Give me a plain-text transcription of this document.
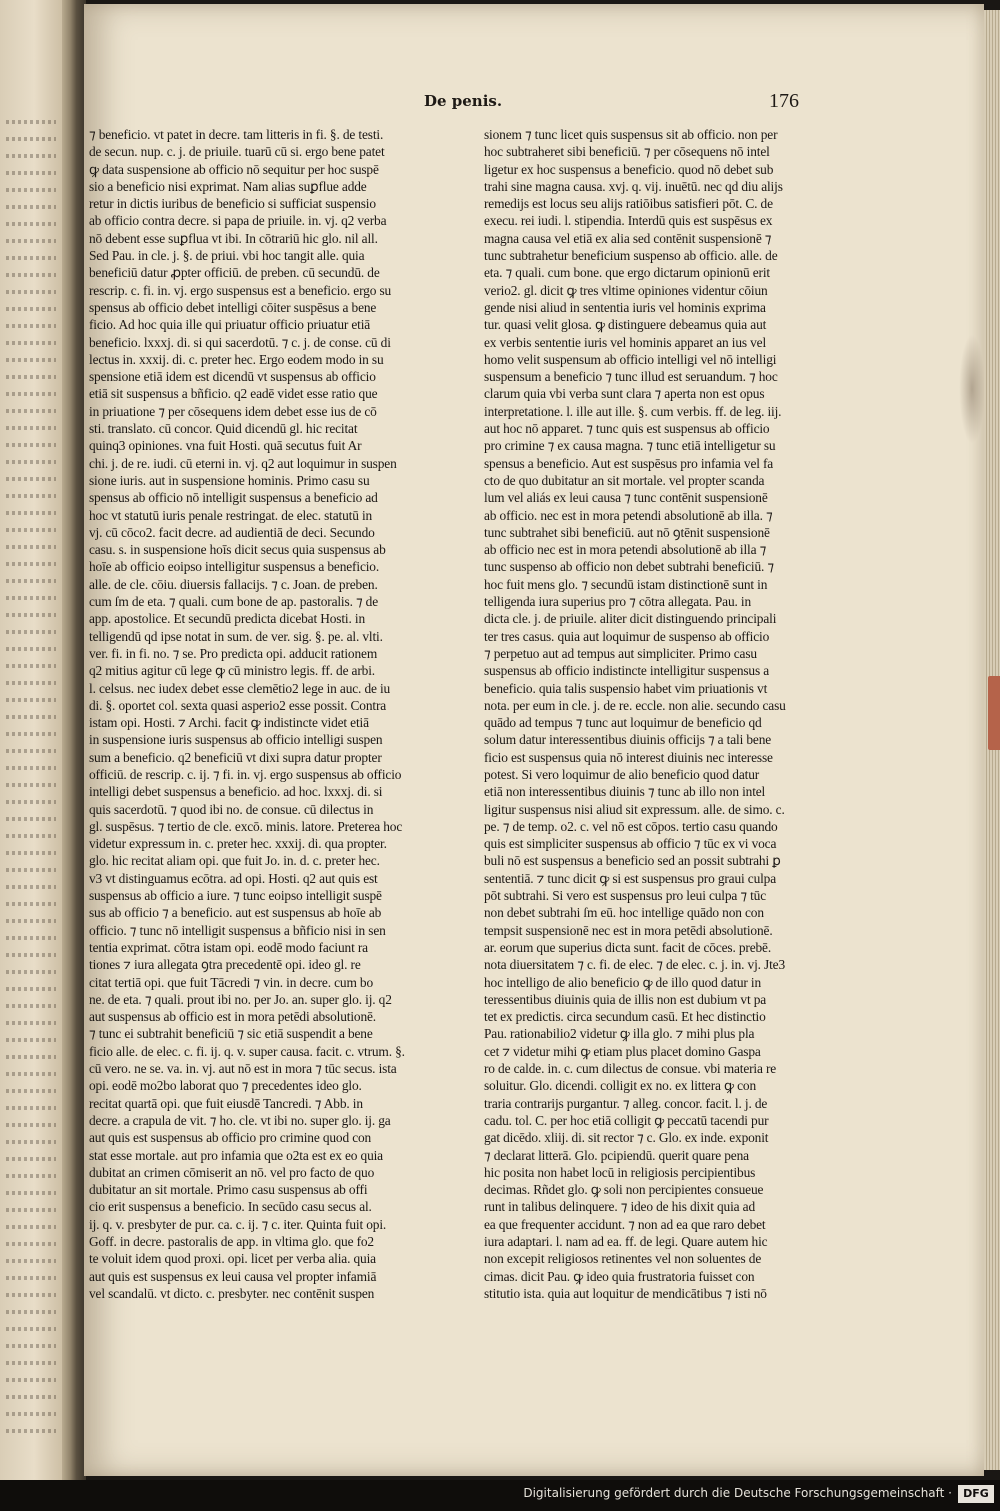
De penis.	176
⁊ beneficio. vt patet in decre. tam litteris in fi. §. de testi.
de secun. nup. c. j. de priuile. tuarū cū si. ergo bene patet
ꝙ data suspensione ab officio nō sequitur per hoc suspē
sio a beneficio nisi exprimat. Nam alias suꝑflue adde
retur in dictis iuribus de beneficio si sufficiat suspensio
ab officio contra decre. si papa de priuile. in. vj. q2 verba
nō debent esse suꝑflua vt ibi. In cōtrariū hic glo. nil all.
Sed Pau. in cle. j. §. de priui. vbi hoc tangit alle. quia
beneficiū datur ꝓpter officiū. de preben. cū secundū. de
rescrip. c. fi. in. vj. ergo suspensus est a beneficio. ergo su
spensus ab officio debet intelligi cōiter suspēsus a bene
ficio. Ad hoc quia ille qui priuatur officio priuatur etiā
beneficio. lxxxj. di. si qui sacerdotū. ⁊ c. j. de conse. cū di
lectus in. xxxij. di. c. preter hec. Ergo eodem modo in su
spensione etiā idem est dicendū vt suspensus ab officio
etiā sit suspensus a bñficio. q2 eadē videt esse ratio que
in priuatione ⁊ per cōsequens idem debet esse ius de cō
sti. translato. cū concor. Quid dicendū gl. hic recitat
quinq3 opiniones. vna fuit Hosti. quā secutus fuit Ar
chi. j. de re. iudi. cū eterni in. vj. q2 aut loquimur in suspen
sione iuris. aut in suspensione hominis. Primo casu su
spensus ab officio nō intelligit suspensus a beneficio ad
hoc vt statutū iuris penale restringat. de elec. statutū in
vj. cū cōco2. facit decre. ad audientiā de deci. Secundo
casu. s. in suspensione hoīs dicit secus quia suspensus ab
hoīe ab officio eoipso intelligitur suspensus a beneficio.
alle. de cle. cōiu. diuersis fallacijs. ⁊ c. Joan. de preben.
cum ſm de eta. ⁊ quali. cum bone de ap. pastoralis. ⁊ de
app. apostolice. Et secundū predicta dicebat Hosti. in
telligendū qd ipse notat in sum. de ver. sig. §. pe. al. vlti.
ver. fi. in fi. no. ⁊ se. Pro predicta opi. adducit rationem
q2 mitius agitur cū lege ꝙ cū ministro legis. ff. de arbi.
l. celsus. nec iudex debet esse clemētio2 lege in auc. de iu
di. §. oportet col. sexta quasi asperio2 esse possit. Contra
istam opi. Hosti. ⁊ Archi. facit ꝙ indistincte videt etiā
in suspensione iuris suspensus ab officio intelligi suspen
sum a beneficio. q2 beneficiū vt dixi supra datur propter
officiū. de rescrip. c. ij. ⁊ fi. in. vj. ergo suspensus ab officio
intelligi debet suspensus a beneficio. ad hoc. lxxxj. di. si
quis sacerdotū. ⁊ quod ibi no. de consue. cū dilectus in
gl. suspēsus. ⁊ tertio de cle. excō. minis. latore. Preterea hoc
videtur expressum in. c. preter hec. xxxij. di. qua propter.
glo. hic recitat aliam opi. que fuit Jo. in. d. c. preter hec.
v3 vt distinguamus ecōtra. ad opi. Hosti. q2 aut quis est
suspensus ab officio a iure. ⁊ tunc eoipso intelligit suspē
sus ab officio ⁊ a beneficio. aut est suspensus ab hoīe ab
officio. ⁊ tunc nō intelligit suspensus a bñficio nisi in sen
tentia exprimat. cōtra istam opi. eodē modo faciunt ra
tiones ⁊ iura allegata ꝯtra precedentē opi. ideo gl. re
citat tertiā opi. que fuit Tācredi ⁊ vin. in decre. cum bo
ne. de eta. ⁊ quali. prout ibi no. per Jo. an. super glo. ij. q2
aut suspensus ab officio est in mora petēdi absolutionē.
⁊ tunc ei subtrahit beneficiū ⁊ sic etiā suspendit a bene
ficio alle. de elec. c. fi. ij. q. v. super causa. facit. c. vtrum. §.
cū vero. ne se. va. in. vj. aut nō est in mora ⁊ tūc secus. ista
opi. eodē mo2bo laborat quo ⁊ precedentes ideo glo.
recitat quartā opi. que fuit eiusdē Tancredi. ⁊ Abb. in
decre. a crapula de vit. ⁊ ho. cle. vt ibi no. super glo. ij. ga
aut quis est suspensus ab officio pro crimine quod con
stat esse mortale. aut pro infamia que o2ta est ex eo quia
dubitat an crimen cōmiserit an nō. vel pro facto de quo
dubitatur an sit mortale. Primo casu suspensus ab offi
cio erit suspensus a beneficio. In secūdo casu secus al.
ij. q. v. presbyter de pur. ca. c. ij. ⁊ c. iter. Quinta fuit opi.
Goff. in decre. pastoralis de app. in vltima glo. que fo2
te voluit idem quod proxi. opi. licet per verba alia. quia
aut quis est suspensus ex leui causa vel propter infamiā
vel scandalū. vt dicto. c. presbyter. nec contēnit suspen
sionem ⁊ tunc licet quis suspensus sit ab officio. non per
hoc subtraheret sibi beneficiū. ⁊ per cōsequens nō intel
ligetur ex hoc suspensus a beneficio. quod nō debet sub
trahi sine magna causa. xvj. q. vij. inuētū. nec qd diu alijs
remedijs est locus seu alijs ratiōibus satisfieri pōt. C. de
execu. rei iudi. l. stipendia. Interdū quis est suspēsus ex
magna causa vel etiā ex alia sed contēnit suspensionē ⁊
tunc subtrahetur beneficium suspenso ab officio. alle. de
eta. ⁊ quali. cum bone. que ergo dictarum opinionū erit
verio2. gl. dicit ꝙ tres vltime opiniones videntur cōiun
gende nisi aliud in sententia iuris vel hominis exprima
tur. quasi velit glosa. ꝙ distinguere debeamus quia aut
ex verbis sententie iuris vel hominis apparet an ius vel
homo velit suspensum ab officio intelligi vel nō intelligi
suspensum a beneficio ⁊ tunc illud est seruandum. ⁊ hoc
clarum quia vbi verba sunt clara ⁊ aperta non est opus
interpretatione. l. ille aut ille. §. cum verbis. ff. de leg. iij.
aut hoc nō apparet. ⁊ tunc quis est suspensus ab officio
pro crimine ⁊ ex causa magna. ⁊ tunc etiā intelligetur su
spensus a beneficio. Aut est suspēsus pro infamia vel fa
cto de quo dubitatur an sit mortale. vel propter scanda
lum vel aliás ex leui causa ⁊ tunc contēnit suspensionē
ab officio. nec est in mora petendi absolutionē ab illa. ⁊
tunc subtrahet sibi beneficiū. aut nō ꝯtēnit suspensionē
ab officio nec est in mora petendi absolutionē ab illa ⁊
tunc suspenso ab officio non debet subtrahi beneficiū. ⁊
hoc fuit mens glo. ⁊ secundū istam distinctionē sunt in
telligenda iura superius pro ⁊ cōtra allegata. Pau. in
dicta cle. j. de priuile. aliter dicit distinguendo principali
ter tres casus. quia aut loquimur de suspenso ab officio
⁊ perpetuo aut ad tempus aut simpliciter. Primo casu
suspensus ab officio indistincte intelligitur suspensus a
beneficio. quia talis suspensio habet vim priuationis vt
nota. per eum in cle. j. de re. eccle. non alie. secundo casu
quādo ad tempus ⁊ tunc aut loquimur de beneficio qd
solum datur interessentibus diuinis officijs ⁊ a tali bene
ficio est suspensus quia nō interest diuinis nec interesse
potest. Si vero loquimur de alio beneficio quod datur
etiā non interessentibus diuinis ⁊ tunc ab illo non intel
ligitur suspensus nisi aliud sit expressum. alle. de simo. c.
pe. ⁊ de temp. o2. c. vel nō est cōpos. tertio casu quando
quis est simpliciter suspensus ab officio ⁊ tūc ex vi voca
buli nō est suspensus a beneficio sed an possit subtrahi ꝑ
sententiā. ⁊ tunc dicit ꝙ si est suspensus pro graui culpa
pōt subtrahi. Si vero est suspensus pro leui culpa ⁊ tūc
non debet subtrahi ſm eū. hoc intellige quādo non con
tempsit suspensionē nec est in mora petēdi absolutionē.
ar. eorum que superius dicta sunt. facit de cōces. prebē.
nota diuersitatem ⁊ c. fi. de elec. ⁊ de elec. c. j. in. vj. Jte3
hoc intelligo de alio beneficio ꝙ de illo quod datur in
teressentibus diuinis quia de illis non est dubium vt pa
tet ex predictis. circa secundum casū. Et hec distinctio
Pau. rationabilio2 videtur ꝙ illa glo. ⁊ mihi plus pla
cet ⁊ videtur mihi ꝙ etiam plus placet domino Gaspa
ro de calde. in. c. cum dilectus de consue. vbi materia re
soluitur. Glo. dicendi. colligit ex no. ex littera ꝙ con
traria contrarijs purgantur. ⁊ alleg. concor. facit. l. j. de
cadu. tol. C. per hoc etiā colligit ꝙ peccatū tacendi pur
gat dicēdo. xliij. di. sit rector ⁊ c. Glo. ex inde. exponit
⁊ declarat litterā. Glo. pcipiendū. querit quare pena
hic posita non habet locū in religiosis percipientibus
decimas. Rñdet glo. ꝙ soli non percipientes consueue
runt in talibus delinquere. ⁊ ideo de his dixit quia ad
ea que frequenter accidunt. ⁊ non ad ea que raro debet
iura adaptari. l. nam ad ea. ff. de legi. Quare autem hic
non excepit religiosos retinentes vel non soluentes de
cimas. dicit Pau. ꝙ ideo quia frustratoria fuisset con
stitutio ista. quia aut loquitur de mendicātibus ⁊ isti nō
Digitalisierung gefördert durch die Deutsche Forschungsgemeinschaft ·	DFG
